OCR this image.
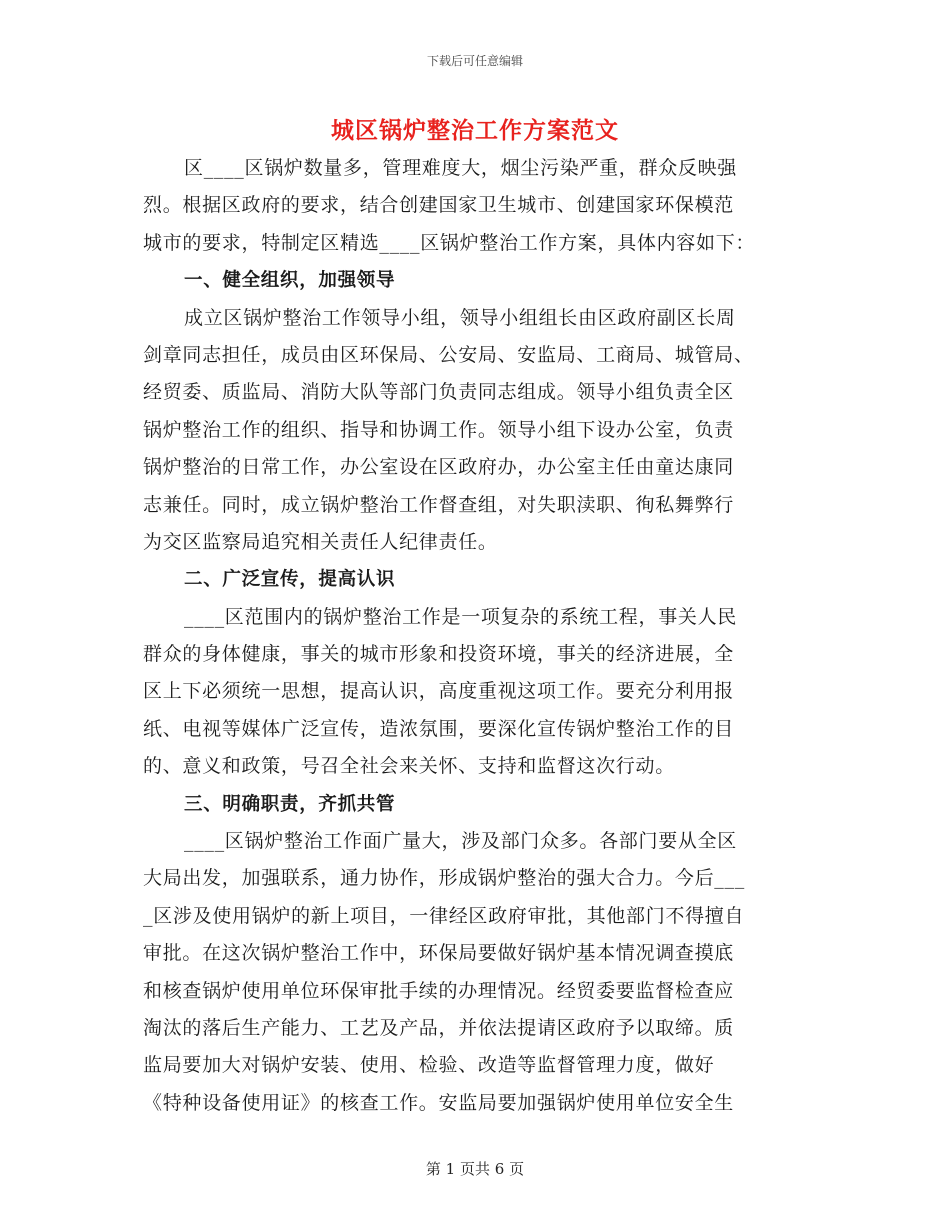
下载后可任意编辑
城区锅炉整治工作方案范文
区____区锅炉数量多，管理难度大，烟尘污染严重，群众反映强
烈。根据区政府的要求，结合创建国家卫生城市、创建国家环保模范
城市的要求，特制定区精选____区锅炉整治工作方案，具体内容如下：
一、健全组织，加强领导
成立区锅炉整治工作领导小组，领导小组组长由区政府副区长周
剑章同志担任，成员由区环保局、公安局、安监局、工商局、城管局、
经贸委、质监局、消防大队等部门负责同志组成。领导小组负责全区
锅炉整治工作的组织、指导和协调工作。领导小组下设办公室，负责
锅炉整治的日常工作，办公室设在区政府办，办公室主任由童达康同
志兼任。同时，成立锅炉整治工作督查组，对失职渎职、徇私舞弊行
为交区监察局追究相关责任人纪律责任。
二、广泛宣传，提高认识
____区范围内的锅炉整治工作是一项复杂的系统工程，事关人民
群众的身体健康，事关的城市形象和投资环境，事关的经济进展，全
区上下必须统一思想，提高认识，高度重视这项工作。要充分利用报
纸、电视等媒体广泛宣传，造浓氛围，要深化宣传锅炉整治工作的目
的、意义和政策，号召全社会来关怀、支持和监督这次行动。
三、明确职责，齐抓共管
____区锅炉整治工作面广量大，涉及部门众多。各部门要从全区
大局出发，加强联系，通力协作，形成锅炉整治的强大合力。今后___
_区涉及使用锅炉的新上项目，一律经区政府审批，其他部门不得擅自
审批。在这次锅炉整治工作中，环保局要做好锅炉基本情况调查摸底
和核查锅炉使用单位环保审批手续的办理情况。经贸委要监督检查应
淘汰的落后生产能力、工艺及产品，并依法提请区政府予以取缔。质
监局要加大对锅炉安装、使用、检验、改造等监督管理力度，做好
《特种设备使用证》的核查工作。安监局要加强锅炉使用单位安全生
第 1 页共 6 页
